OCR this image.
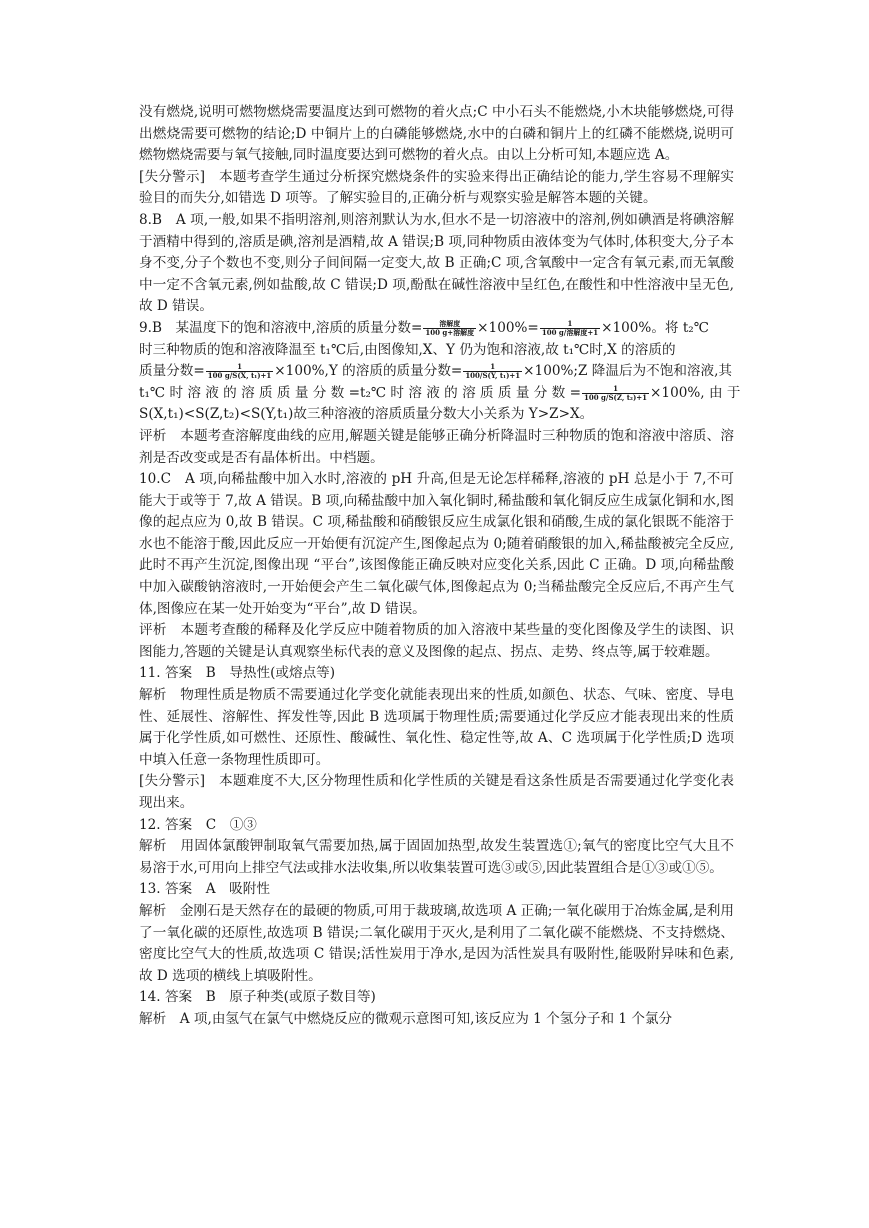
没有燃烧,说明可燃物燃烧需要温度达到可燃物的着火点;C 中小石头不能燃烧,小木块能够燃烧,可得出燃烧需要可燃物的结论;D 中铜片上的白磷能够燃烧,水中的白磷和铜片上的红磷不能燃烧,说明可燃物燃烧需要与氧气接触,同时温度要达到可燃物的着火点。由以上分析可知,本题应选 A。

[失分警示]　本题考查学生通过分析探究燃烧条件的实验来得出正确结论的能力,学生容易不理解实验目的而失分,如错选 D 项等。了解实验目的,正确分析与观察实验是解答本题的关键。

8.B　A 项,一般,如果不指明溶剂,则溶剂默认为水,但水不是一切溶液中的溶剂,例如碘酒是将碘溶解于酒精中得到的,溶质是碘,溶剂是酒精,故 A 错误;B 项,同种物质由液体变为气体时,体积变大,分子本身不变,分子个数也不变,则分子间间隔一定变大,故 B 正确;C 项,含氧酸中一定含有氧元素,而无氧酸中一定不含氧元素,例如盐酸,故 C 错误;D 项,酚酞在碱性溶液中呈红色,在酸性和中性溶液中呈无色,故 D 错误。

9.B　某温度下的饱和溶液中,溶质的质量分数= $\frac{\text{溶解度}}{\text{100 g+溶解度}} \times 100\%= \frac{1}{\text{100 g/溶解度+1}} \times 100\%$。将 t₂℃
时三种物质的饱和溶液降温至 t₁℃后,由图像知,X、Y 仍为饱和溶液,故 t₁℃时,X 的溶质的
质量分数= $\frac{1}{\text{100 g/S(X, t₁)+1}} \times 100\%,Y$ 的溶质的质量分数= $\frac{1}{\text{100/S(Y, t₁)+1}}$ ×100%;Z 降温后为不饱和溶液,其
t₁℃ 时 溶 液 的 溶 质 质 量 分 数 =t₂℃ 时 溶 液 的 溶 质 质 量 分 数 = $\frac{1}{\text{100 g/S(Z, t₂)+1}} \times 100\%$, 由 于
S(X,t₁)<S(Z,t₂)<S(Y,t₁)故三种溶液的溶质质量分数大小关系为 Y>Z>X。

评析　本题考查溶解度曲线的应用,解题关键是能够正确分析降温时三种物质的饱和溶液中溶质、溶剂是否改变或是否有晶体析出。中档题。

10.C　A 项,向稀盐酸中加入水时,溶液的 pH 升高,但是无论怎样稀释,溶液的 pH 总是小于 7,不可能大于或等于 7,故 A 错误。B 项,向稀盐酸中加入氧化铜时,稀盐酸和氧化铜反应生成氯化铜和水,图像的起点应为 0,故 B 错误。C 项,稀盐酸和硝酸银反应生成氯化银和硝酸,生成的氯化银既不能溶于水也不能溶于酸,因此反应一开始便有沉淀产生,图像起点为 0;随着硝酸银的加入,稀盐酸被完全反应,此时不再产生沉淀,图像出现 “平台”,该图像能正确反映对应变化关系,因此 C 正确。D 项,向稀盐酸中加入碳酸钠溶液时,一开始便会产生二氧化碳气体,图像起点为 0;当稀盐酸完全反应后,不再产生气体,图像应在某一处开始变为“平台”,故 D 错误。

评析　本题考查酸的稀释及化学反应中随着物质的加入溶液中某些量的变化图像及学生的读图、识图能力,答题的关键是认真观察坐标代表的意义及图像的起点、拐点、走势、终点等,属于较难题。

11. 答案　B　导热性(或熔点等)

解析　物理性质是物质不需要通过化学变化就能表现出来的性质,如颜色、状态、气味、密度、导电性、延展性、溶解性、挥发性等,因此 B 选项属于物理性质;需要通过化学反应才能表现出来的性质属于化学性质,如可燃性、还原性、酸碱性、氧化性、稳定性等,故 A、C 选项属于化学性质;D 选项中填入任意一条物理性质即可。

[失分警示]　本题难度不大,区分物理性质和化学性质的关键是看这条性质是否需要通过化学变化表现出来。

12. 答案　C　①③

解析　用固体氯酸钾制取氧气需要加热,属于固固加热型,故发生装置选①;氧气的密度比空气大且不易溶于水,可用向上排空气法或排水法收集,所以收集装置可选③或⑤,因此装置组合是①③或①⑤。

13. 答案　A　吸附性

解析　金刚石是天然存在的最硬的物质,可用于裁玻璃,故选项 A 正确;一氧化碳用于冶炼金属,是利用了一氧化碳的还原性,故选项 B 错误;二氧化碳用于灭火,是利用了二氧化碳不能燃烧、不支持燃烧、密度比空气大的性质,故选项 C 错误;活性炭用于净水,是因为活性炭具有吸附性,能吸附异味和色素,故 D 选项的横线上填吸附性。

14. 答案　B　原子种类(或原子数目等)

解析　A 项,由氢气在氯气中燃烧反应的微观示意图可知,该反应为 1 个氢分子和 1 个氯分
